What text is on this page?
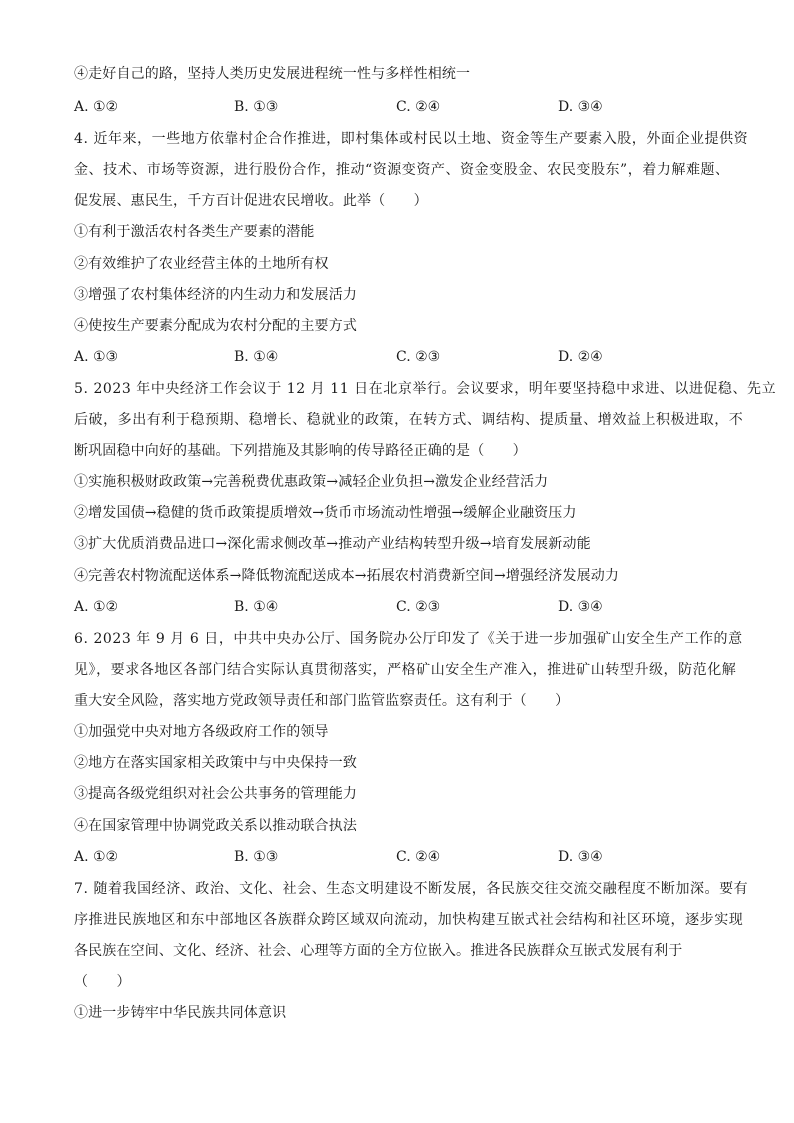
④走好自己的路，坚持人类历史发展进程统一性与多样性相统一
A. ①②	B. ①③	C. ②④	D. ③④
4. 近年来，一些地方依靠村企合作推进，即村集体或村民以土地、资金等生产要素入股，外面企业提供资
金、技术、市场等资源，进行股份合作，推动“资源变资产、资金变股金、农民变股东”，着力解难题、
促发展、惠民生，千方百计促进农民增收。此举（　　）
①有利于激活农村各类生产要素的潜能
②有效维护了农业经营主体的土地所有权
③增强了农村集体经济的内生动力和发展活力
④使按生产要素分配成为农村分配的主要方式
A. ①③	B. ①④	C. ②③	D. ②④
5. 2023 年中央经济工作会议于 12 月 11 日在北京举行。会议要求，明年要坚持稳中求进、以进促稳、先立
后破，多出有利于稳预期、稳增长、稳就业的政策，在转方式、调结构、提质量、增效益上积极进取，不
断巩固稳中向好的基础。下列措施及其影响的传导路径正确的是（　　）
①实施积极财政政策→完善税费优惠政策→减轻企业负担→激发企业经营活力
②增发国债→稳健的货币政策提质增效→货币市场流动性增强→缓解企业融资压力
③扩大优质消费品进口→深化需求侧改革→推动产业结构转型升级→培育发展新动能
④完善农村物流配送体系→降低物流配送成本→拓展农村消费新空间→增强经济发展动力
A. ①②	B. ①④	C. ②③	D. ③④
6. 2023 年 9 月 6 日，中共中央办公厅、国务院办公厅印发了《关于进一步加强矿山安全生产工作的意
见》，要求各地区各部门结合实际认真贯彻落实，严格矿山安全生产准入，推进矿山转型升级，防范化解
重大安全风险，落实地方党政领导责任和部门监管监察责任。这有利于（　　）
①加强党中央对地方各级政府工作的领导
②地方在落实国家相关政策中与中央保持一致
③提高各级党组织对社会公共事务的管理能力
④在国家管理中协调党政关系以推动联合执法
A. ①②	B. ①③	C. ②④	D. ③④
7. 随着我国经济、政治、文化、社会、生态文明建设不断发展，各民族交往交流交融程度不断加深。要有
序推进民族地区和东中部地区各族群众跨区域双向流动，加快构建互嵌式社会结构和社区环境，逐步实现
各民族在空间、文化、经济、社会、心理等方面的全方位嵌入。推进各民族群众互嵌式发展有利于
（　　）
①进一步铸牢中华民族共同体意识
